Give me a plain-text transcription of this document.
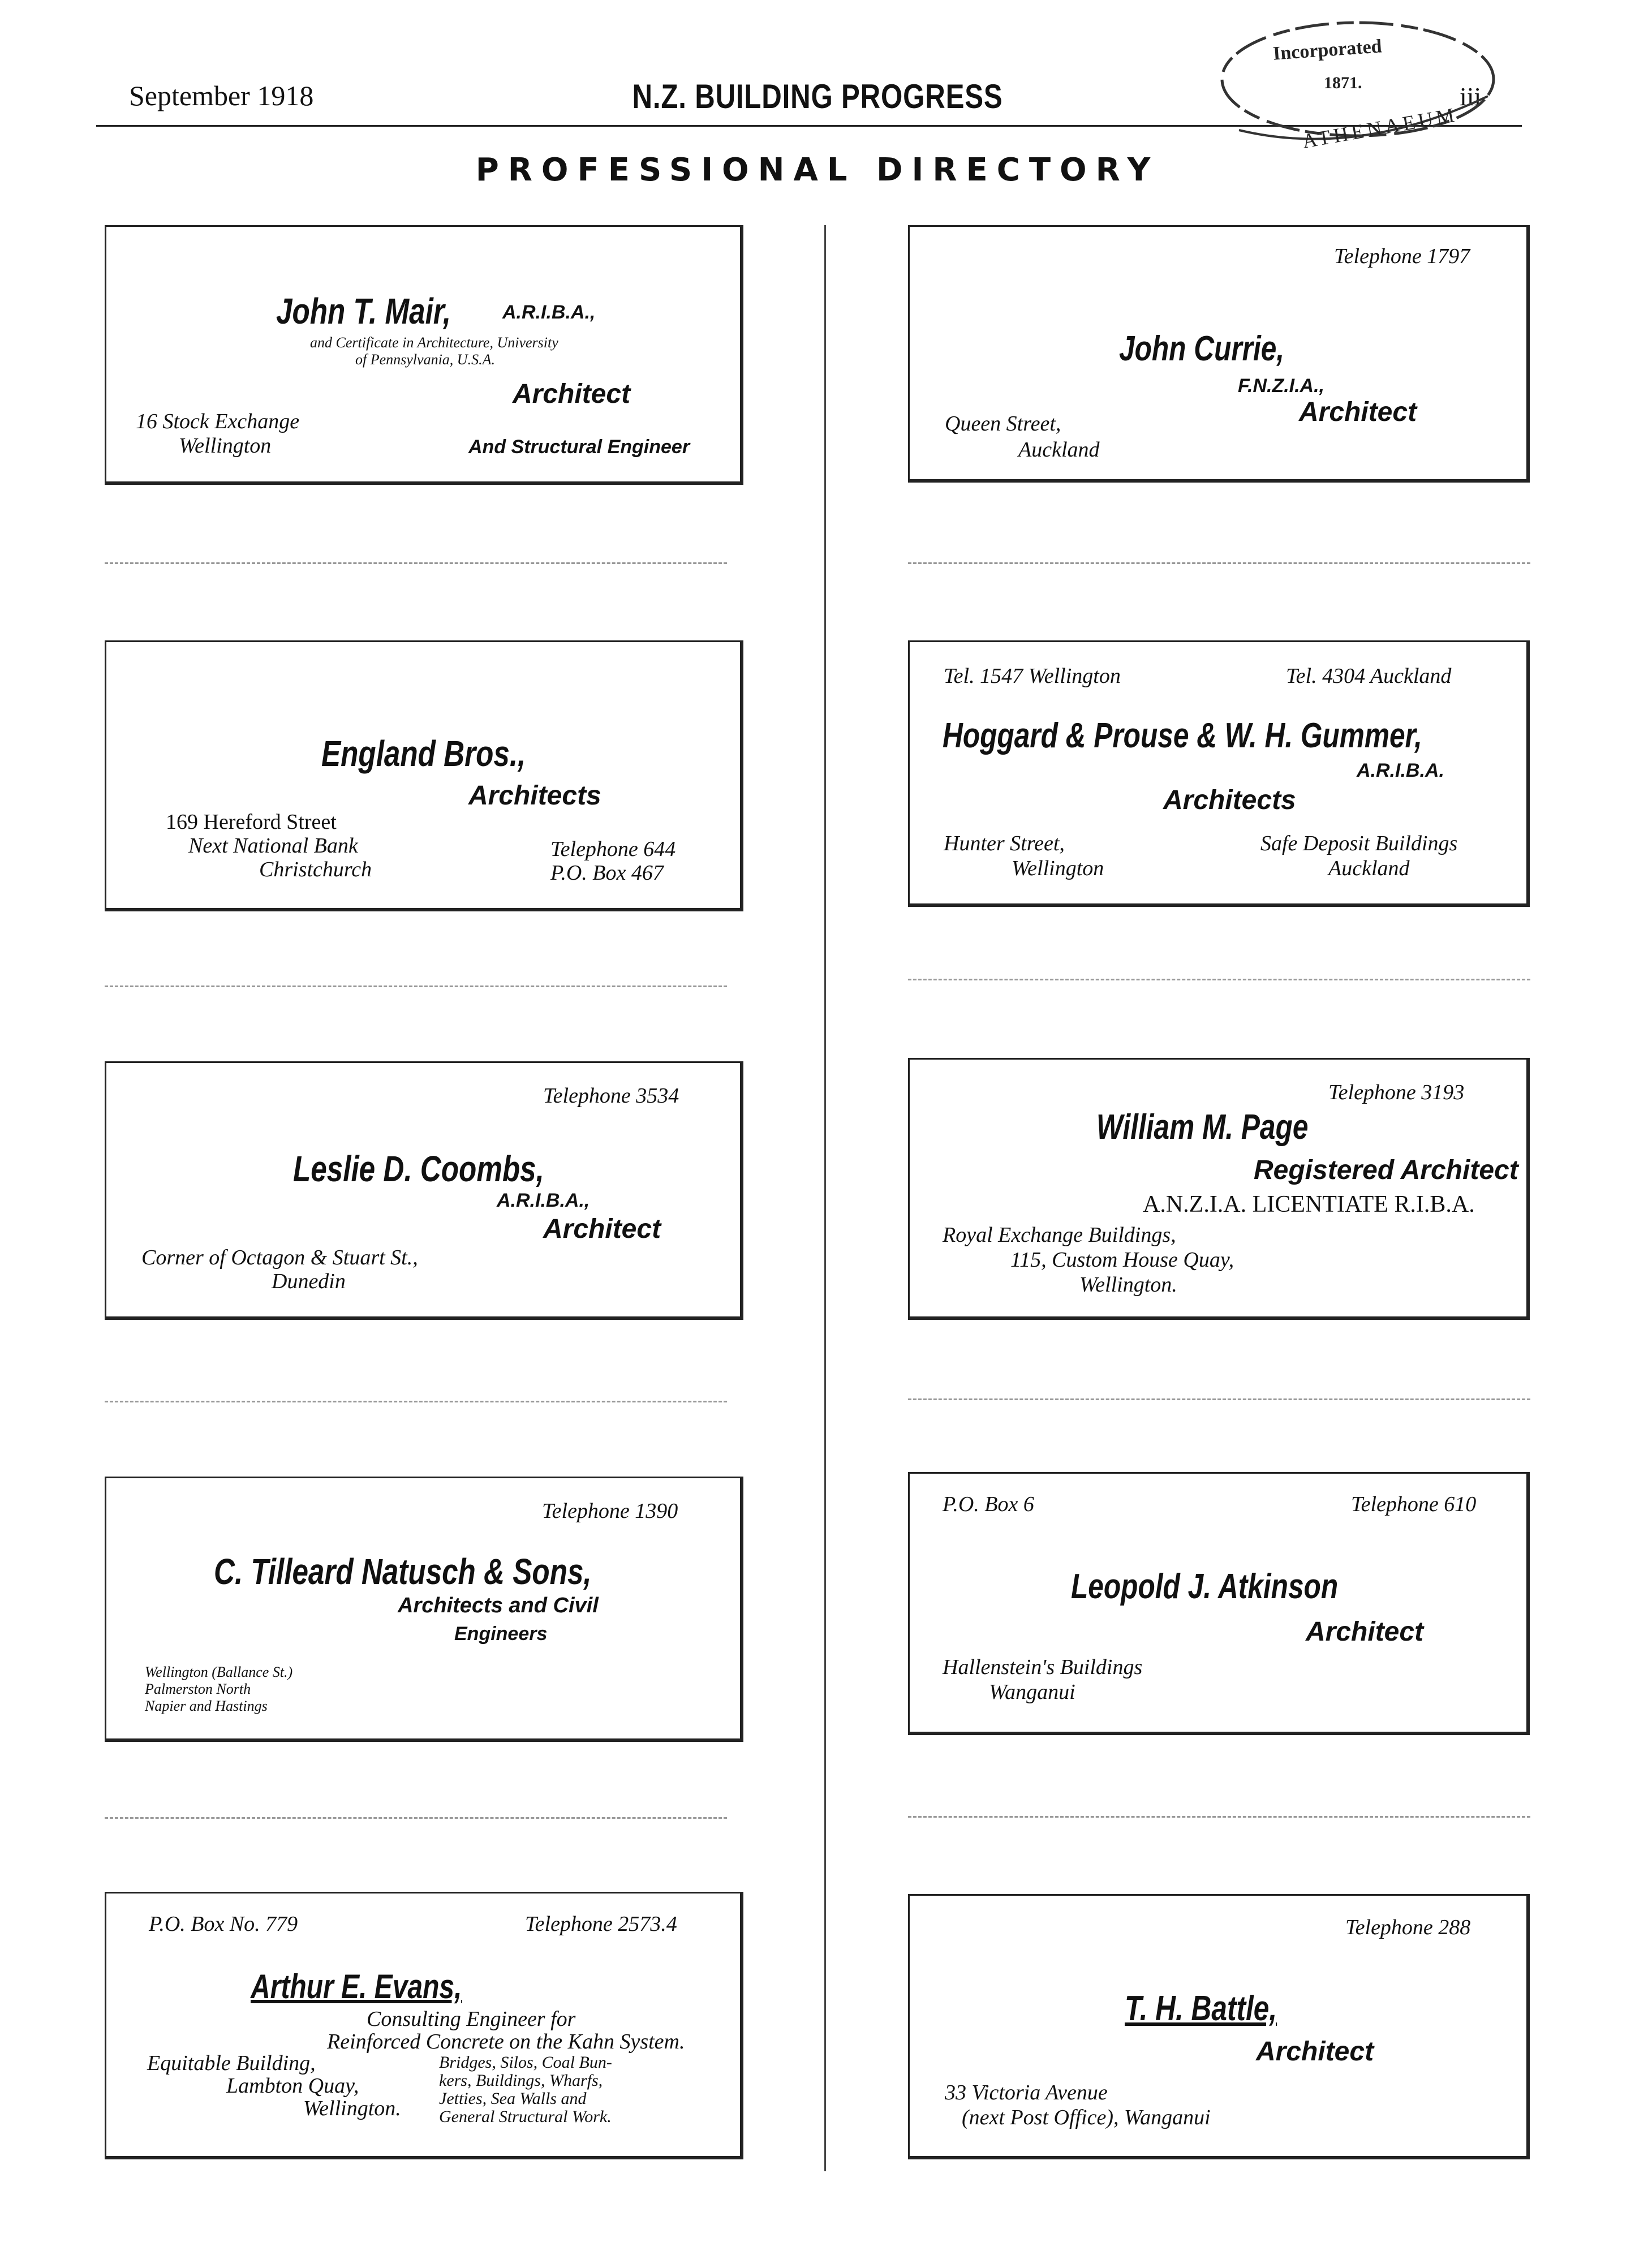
September 1918	N.Z. BUILDING PROGRESS	iii
PROFESSIONAL DIRECTORY
Incorporated
1871.
ATHENAEUM
John T. Mair,	A.R.I.B.A.,
and Certificate in Architecture, University
of Pennsylvania, U.S.A.
Architect
16 Stock Exchange
Wellington	And Structural Engineer
Telephone 1797
John Currie,
F.N.Z.I.A.,
Architect
Queen Street,
Auckland
England Bros.,
Architects
169 Hereford Street
Next National Bank
Christchurch
Telephone 644
P.O. Box 467
Tel. 1547 Wellington	Tel. 4304 Auckland
Hoggard & Prouse & W. H. Gummer,
A.R.I.B.A.
Architects
Hunter Street,
Wellington
Safe Deposit Buildings
Auckland
Telephone 3534
Leslie D. Coombs,
A.R.I.B.A.,
Architect
Corner of Octagon & Stuart St.,
Dunedin
Telephone 3193
William M. Page
Registered Architect
A.N.Z.I.A. LICENTIATE R.I.B.A.
Royal Exchange Buildings,
115, Custom House Quay,
Wellington.
Telephone 1390
C. Tilleard Natusch & Sons,
Architects and Civil
Engineers
Wellington (Ballance St.)
Palmerston North
Napier and Hastings
P.O. Box 6	Telephone 610
Leopold J. Atkinson
Architect
Hallenstein's Buildings
Wanganui
P.O. Box No. 779	Telephone 2573.4
Arthur E. Evans,
Consulting Engineer for
Reinforced Concrete on the Kahn System.
Equitable Building,
Lambton Quay,
Wellington.
Bridges, Silos, Coal Bun-
kers, Buildings, Wharfs,
Jetties, Sea Walls and
General Structural Work.
Telephone 288
T. H. Battle,
Architect
33 Victoria Avenue
(next Post Office), Wanganui
